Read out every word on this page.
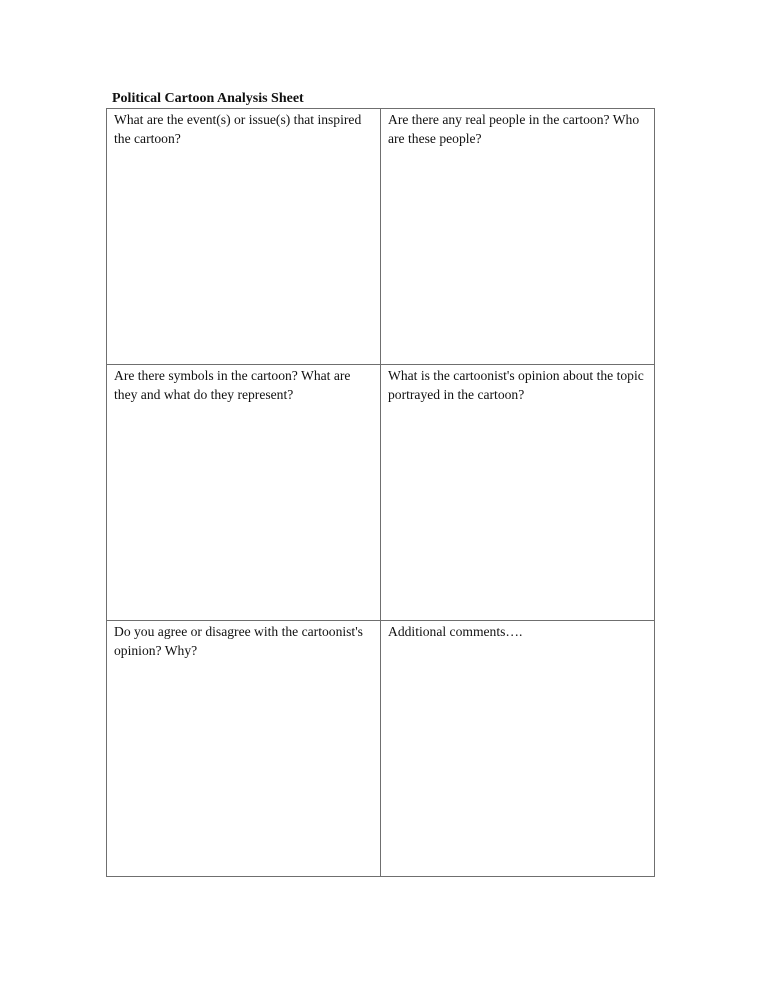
Political Cartoon Analysis Sheet
What are the event(s) or issue(s) that inspired the cartoon?	Are there any real people in the cartoon? Who are these people?

Are there symbols in the cartoon? What are they and what do they represent?	What is the cartoonist's opinion about the topic portrayed in the cartoon?

Do you agree or disagree with the cartoonist's opinion? Why?	Additional comments….
